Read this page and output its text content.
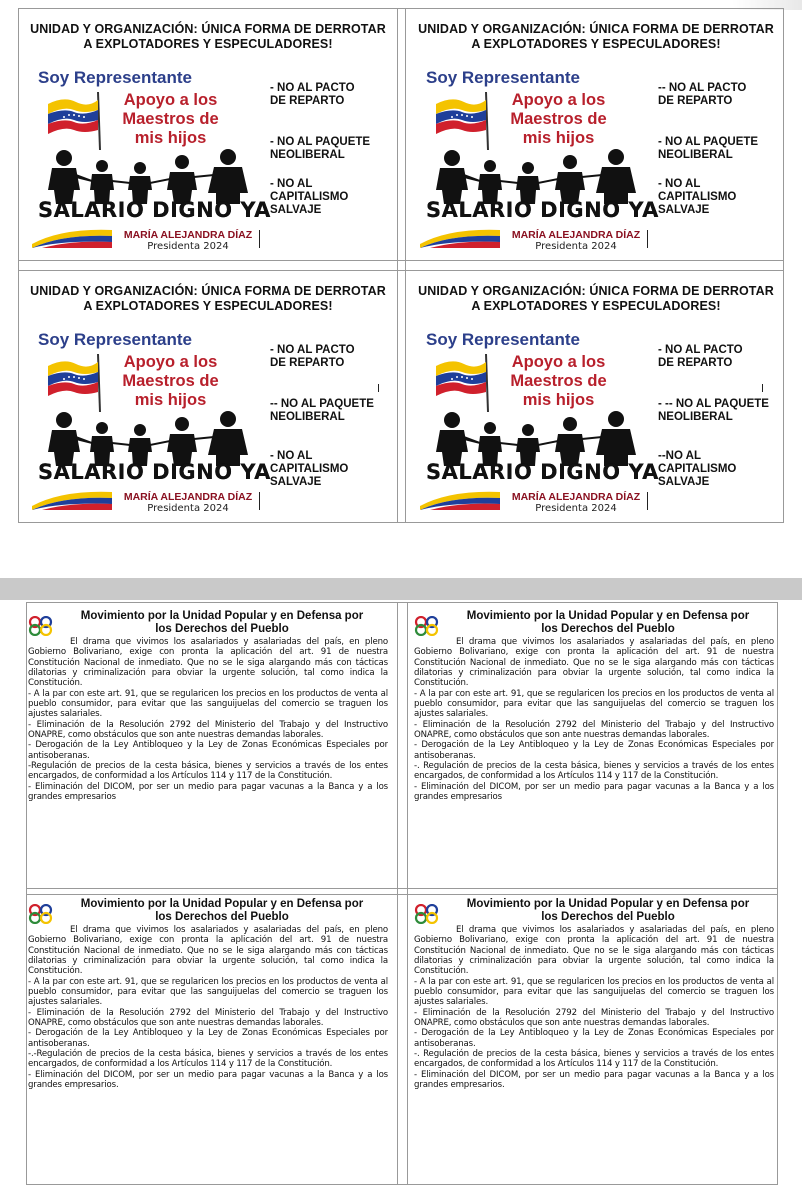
UNIDAD Y ORGANIZACIÓN: ÚNICA FORMA DE DERROTAR
A EXPLOTADORES Y ESPECULADORES!
Soy Representante
Apoyo a los
Maestros de
mis hijos
SALARIO DIGNO YA
MARÍA ALEJANDRA DÍAZ
Presidenta 2024
- NO AL PACTO
DE REPARTO
- NO AL PAQUETE
NEOLIBERAL
- NO AL
CAPITALISMO
SALVAJE
UNIDAD Y ORGANIZACIÓN: ÚNICA FORMA DE DERROTAR
A EXPLOTADORES Y ESPECULADORES!
Soy Representante
Apoyo a los
Maestros de
mis hijos
SALARIO DIGNO YA
MARÍA ALEJANDRA DÍAZ
Presidenta 2024
-- NO AL PACTO
DE REPARTO
- NO AL PAQUETE
NEOLIBERAL
- NO AL
CAPITALISMO
SALVAJE
UNIDAD Y ORGANIZACIÓN: ÚNICA FORMA DE DERROTAR
A EXPLOTADORES Y ESPECULADORES!
Soy Representante
Apoyo a los
Maestros de
mis hijos
SALARIO DIGNO YA
MARÍA ALEJANDRA DÍAZ
Presidenta 2024
- NO AL PACTO
DE REPARTO
-- NO AL PAQUETE
NEOLIBERAL
- NO AL
CAPITALISMO
SALVAJE
UNIDAD Y ORGANIZACIÓN: ÚNICA FORMA DE DERROTAR
A EXPLOTADORES Y ESPECULADORES!
Soy Representante
Apoyo a los
Maestros de
mis hijos
SALARIO DIGNO YA
MARÍA ALEJANDRA DÍAZ
Presidenta 2024
- NO AL PACTO
DE REPARTO
- -- NO AL PAQUETE
NEOLIBERAL
--NO AL
CAPITALISMO
SALVAJE
Movimiento por la Unidad Popular y en Defensa por
los Derechos del Pueblo

El drama que vivimos los asalariados y asalariadas del país, en pleno Gobierno Bolivariano, exige con pronta la aplicación del art. 91 de nuestra Constitución Nacional de inmediato. Que no se le siga alargando más con tácticas dilatorias y criminalización para obviar la urgente solución, tal como indica la Constitución.

- A la par con este art. 91, que se regularicen los precios en los productos de venta al pueblo consumidor, para evitar que las sanguijuelas del comercio se traguen los ajustes salariales.

- Eliminación de la Resolución 2792 del Ministerio del Trabajo y del Instructivo ONAPRE, como obstáculos que son ante nuestras demandas laborales.

- Derogación de la Ley Antibloqueo y la Ley de Zonas Económicas Especiales por antisoberanas.

-Regulación de precios de la cesta básica, bienes y servicios a través de los entes encargados, de conformidad a los Artículos 114 y 117 de la Constitución.

- Eliminación del DICOM, por ser un medio para pagar vacunas a la Banca y a los grandes empresarios

Movimiento por la Unidad Popular y en Defensa por
los Derechos del Pueblo

El drama que vivimos los asalariados y asalariadas del país, en pleno Gobierno Bolivariano, exige con pronta la aplicación del art. 91 de nuestra Constitución Nacional de inmediato. Que no se le siga alargando más con tácticas dilatorias y criminalización para obviar la urgente solución, tal como indica la Constitución.

- A la par con este art. 91, que se regularicen los precios en los productos de venta al pueblo consumidor, para evitar que las sanguijuelas del comercio se traguen los ajustes salariales.

- Eliminación de la Resolución 2792 del Ministerio del Trabajo y del Instructivo ONAPRE, como obstáculos que son ante nuestras demandas laborales.

- Derogación de la Ley Antibloqueo y la Ley de Zonas Económicas Especiales por antisoberanas.

-. Regulación de precios de la cesta básica, bienes y servicios a través de los entes encargados, de conformidad a los Artículos 114 y 117 de la Constitución.

- Eliminación del DICOM, por ser un medio para pagar vacunas a la Banca y a los grandes empresarios

Movimiento por la Unidad Popular y en Defensa por
los Derechos del Pueblo

El drama que vivimos los asalariados y asalariadas del país, en pleno Gobierno Bolivariano, exige con pronta la aplicación del art. 91 de nuestra Constitución Nacional de inmediato. Que no se le siga alargando más con tácticas dilatorias y criminalización para obviar la urgente solución, tal como indica la Constitución.

- A la par con este art. 91, que se regularicen los precios en los productos de venta al pueblo consumidor, para evitar que las sanguijuelas del comercio se traguen los ajustes salariales.

- Eliminación de la Resolución 2792 del Ministerio del Trabajo y del Instructivo ONAPRE, como obstáculos que son ante nuestras demandas laborales.

- Derogación de la Ley Antibloqueo y la Ley de Zonas Económicas Especiales por antisoberanas.

-.-Regulación de precios de la cesta básica, bienes y servicios a través de los entes encargados, de conformidad a los Artículos 114 y 117 de la Constitución.

- Eliminación del DICOM, por ser un medio para pagar vacunas a la Banca y a los grandes empresarios.

Movimiento por la Unidad Popular y en Defensa por
los Derechos del Pueblo

El drama que vivimos los asalariados y asalariadas del país, en pleno Gobierno Bolivariano, exige con pronta la aplicación del art. 91 de nuestra Constitución Nacional de inmediato. Que no se le siga alargando más con tácticas dilatorias y criminalización para obviar la urgente solución, tal como indica la Constitución.

- A la par con este art. 91, que se regularicen los precios en los productos de venta al pueblo consumidor, para evitar que las sanguijuelas del comercio se traguen los ajustes salariales.

- Eliminación de la Resolución 2792 del Ministerio del Trabajo y del Instructivo ONAPRE, como obstáculos que son ante nuestras demandas laborales.

- Derogación de la Ley Antibloqueo y la Ley de Zonas Económicas Especiales por antisoberanas.

-. Regulación de precios de la cesta básica, bienes y servicios a través de los entes encargados, de conformidad a los Artículos 114 y 117 de la Constitución.

- Eliminación del DICOM, por ser un medio para pagar vacunas a la Banca y a los grandes empresarios.
